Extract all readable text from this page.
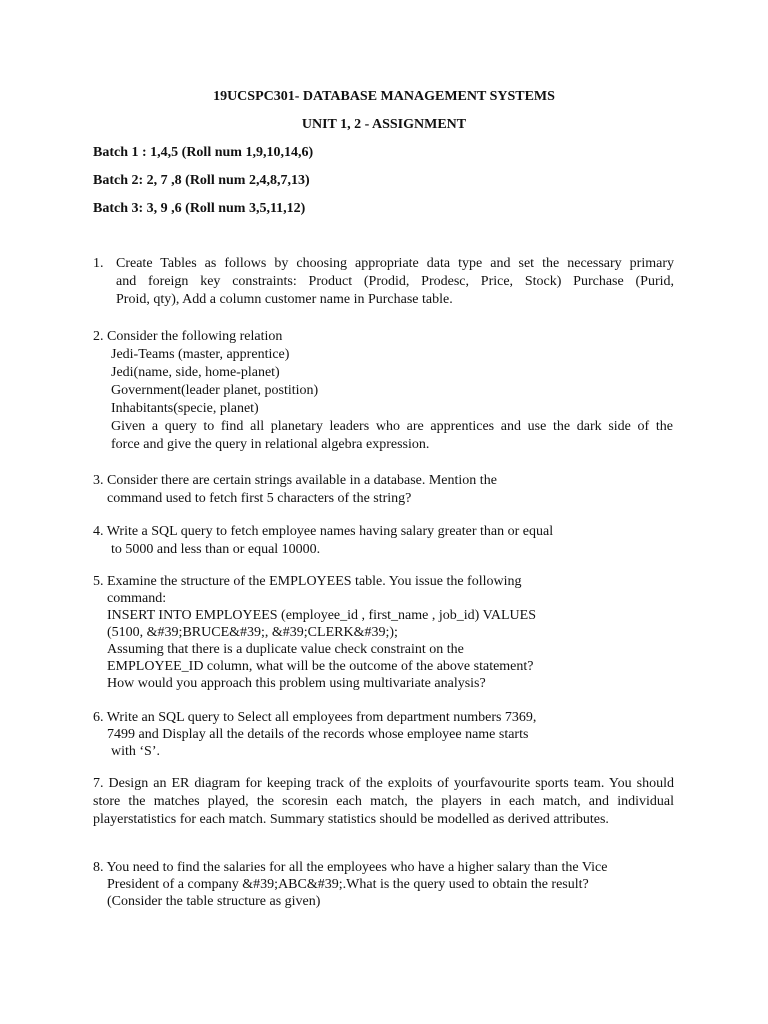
19UCSPC301- DATABASE MANAGEMENT SYSTEMS
UNIT 1, 2 - ASSIGNMENT
Batch 1 : 1,4,5 (Roll num 1,9,10,14,6)
Batch 2: 2, 7 ,8 (Roll num 2,4,8,7,13)
Batch 3: 3, 9 ,6 (Roll num 3,5,11,12)
1. Create Tables as follows by choosing appropriate data type and set the necessary primary
and foreign key constraints: Product (Prodid, Prodesc, Price, Stock) Purchase (Purid,
Proid, qty), Add a column customer name in Purchase table.
2. Consider the following relation
Jedi-Teams (master, apprentice)
Jedi(name, side, home-planet)
Government(leader planet, postition)
Inhabitants(specie, planet)
Given a query to find all planetary leaders who are apprentices and use the dark side of the
force and give the query in relational algebra expression.
3. Consider there are certain strings available in a database. Mention the
command used to fetch first 5 characters of the string?
4. Write a SQL query to fetch employee names having salary greater than or equal
to 5000 and less than or equal 10000.
5. Examine the structure of the EMPLOYEES table. You issue the following
command:
INSERT INTO EMPLOYEES (employee_id , first_name , job_id) VALUES
(5100, &#39;BRUCE&#39;, &#39;CLERK&#39;);
Assuming that there is a duplicate value check constraint on the
EMPLOYEE_ID column, what will be the outcome of the above statement?
How would you approach this problem using multivariate analysis?
6. Write an SQL query to Select all employees from department numbers 7369,
7499 and Display all the details of the records whose employee name starts
with ‘S’.
7. Design an ER diagram for keeping track of the exploits of yourfavourite sports team. You should store the matches played, the scoresin each match, the players in each match, and individual playerstatistics for each match. Summary statistics should be modelled as derived attributes.
8. You need to find the salaries for all the employees who have a higher salary than the Vice
President of a company &#39;ABC&#39;.What is the query used to obtain the result?
(Consider the table structure as given)
